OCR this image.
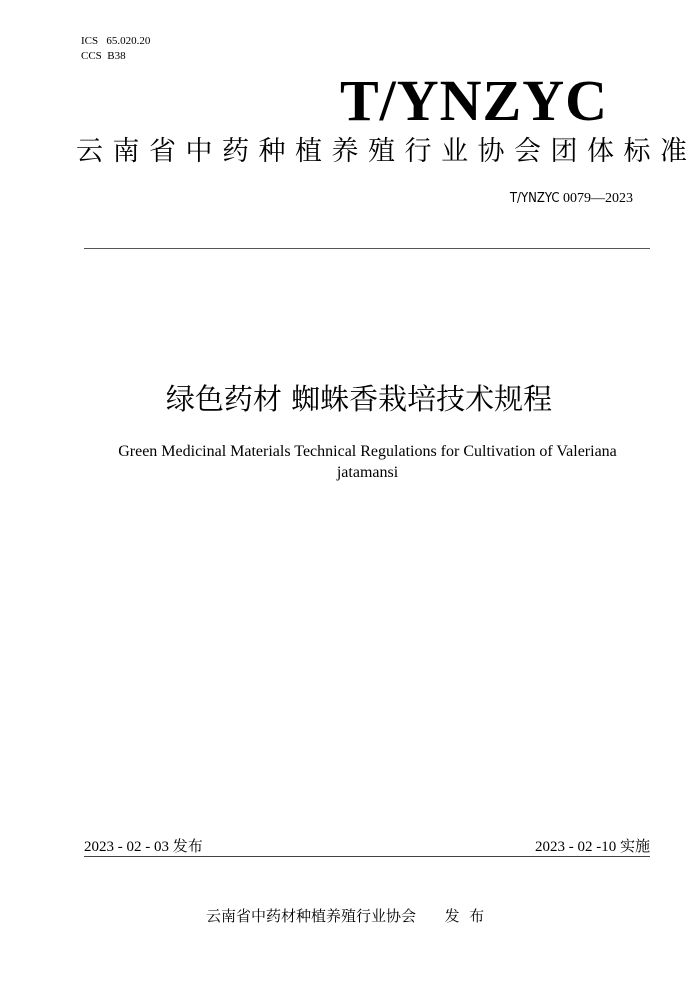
ICS   65.020.20
CCS  B38
T/YNZYC
云南省中药种植养殖行业协会团体标准
T/YNZYC 0079—2023
绿色药材 蜘蛛香栽培技术规程
Green Medicinal Materials Technical Regulations for Cultivation of Valeriana jatamansi
2023 - 02 - 03 发布	2023 - 02 -10 实施
云南省中药材种植养殖行业协会 发  布
